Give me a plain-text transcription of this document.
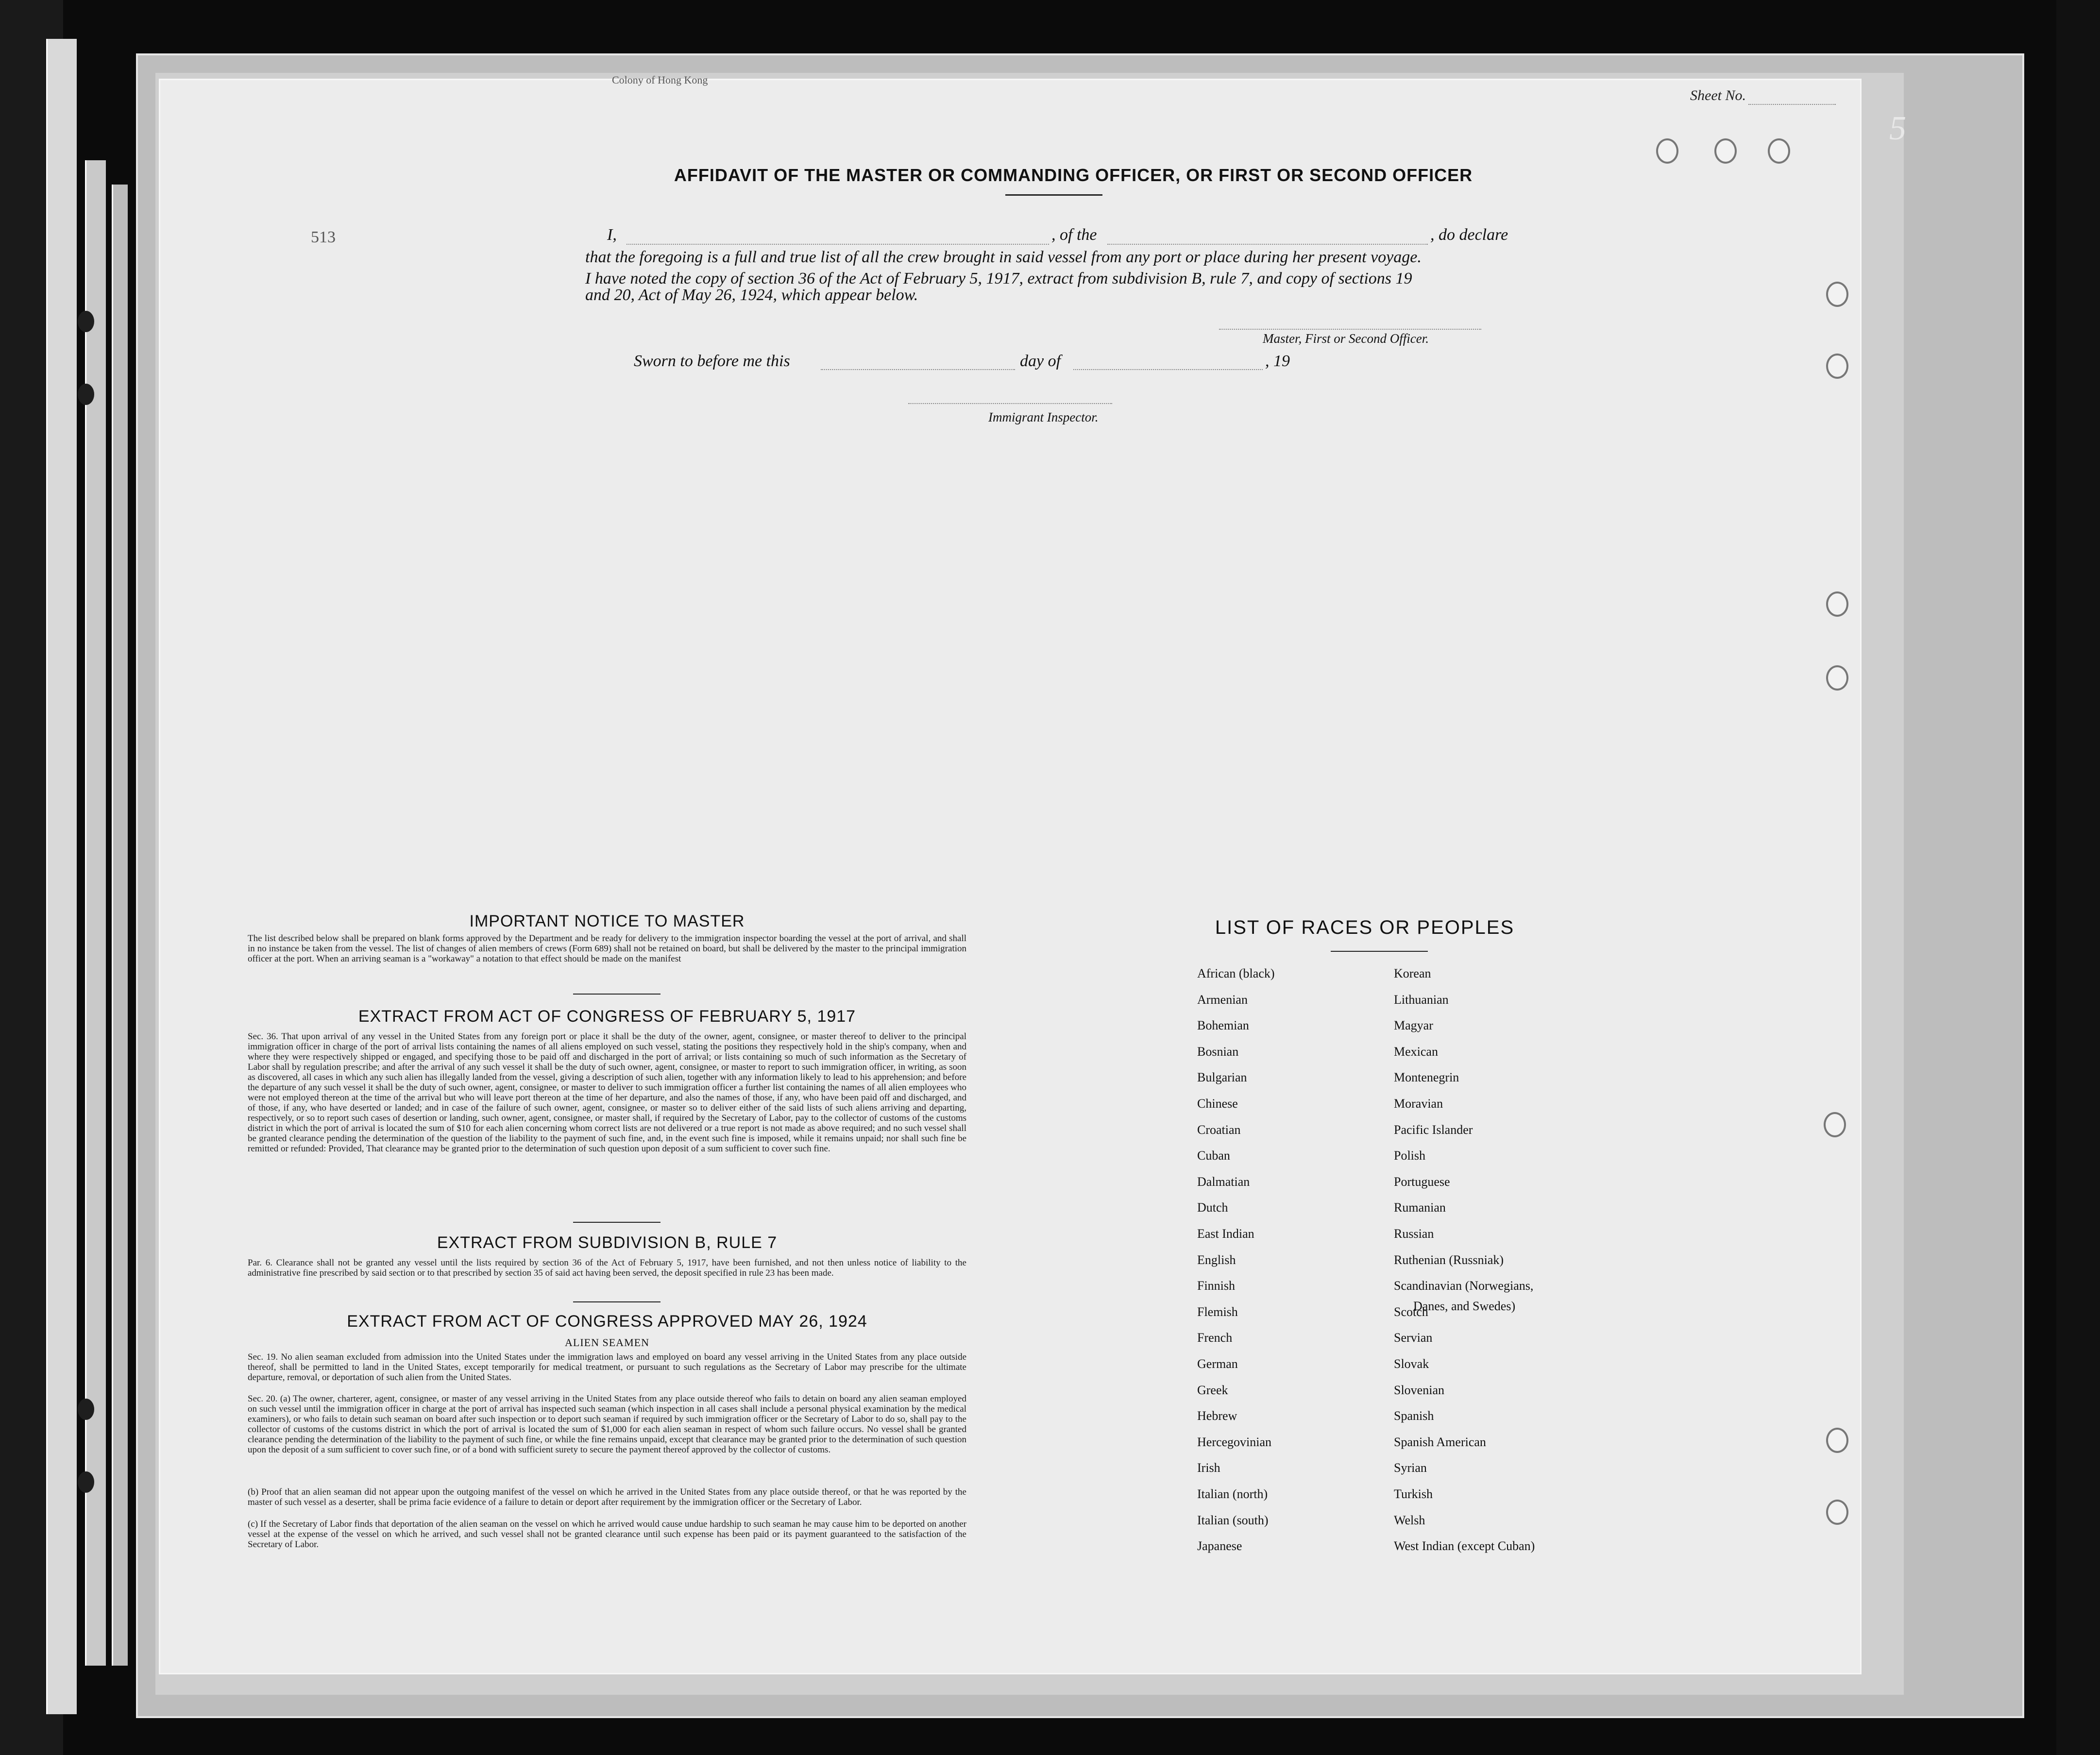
Colony of Hong Kong
Sheet No.
5
513
AFFIDAVIT OF THE MASTER OR COMMANDING OFFICER, OR FIRST OR SECOND OFFICER
I,	, of the	, do declare
that the foregoing is a full and true list of all the crew brought in said vessel from any port or place during her present voyage.
I have noted the copy of section 36 of the Act of February 5, 1917, extract from subdivision B, rule 7, and copy of sections 19
and 20, Act of May 26, 1924, which appear below.
Master, First or Second Officer.
Sworn to before me this	day of	, 19
Immigrant Inspector.
IMPORTANT NOTICE TO MASTER
The list described below shall be prepared on blank forms approved by the Department and be ready for delivery to the immigration inspector boarding the vessel at the port of arrival, and shall in no instance be taken from the vessel. The list of changes of alien members of crews (Form 689) shall not be retained on board, but shall be delivered by the master to the principal immigration officer at the port. When an arriving seaman is a "workaway" a notation to that effect should be made on the manifest
EXTRACT FROM ACT OF CONGRESS OF FEBRUARY 5, 1917
Sec. 36. That upon arrival of any vessel in the United States from any foreign port or place it shall be the duty of the owner, agent, consignee, or master thereof to deliver to the principal immigration officer in charge of the port of arrival lists containing the names of all aliens employed on such vessel, stating the positions they respectively hold in the ship's company, when and where they were respectively shipped or engaged, and specifying those to be paid off and discharged in the port of arrival; or lists containing so much of such information as the Secretary of Labor shall by regulation prescribe; and after the arrival of any such vessel it shall be the duty of such owner, agent, consignee, or master to report to such immigration officer, in writing, as soon as discovered, all cases in which any such alien has illegally landed from the vessel, giving a description of such alien, together with any information likely to lead to his apprehension; and before the departure of any such vessel it shall be the duty of such owner, agent, consignee, or master to deliver to such immigration officer a further list containing the names of all alien employees who were not employed thereon at the time of the arrival but who will leave port thereon at the time of her departure, and also the names of those, if any, who have been paid off and discharged, and of those, if any, who have deserted or landed; and in case of the failure of such owner, agent, consignee, or master so to deliver either of the said lists of such aliens arriving and departing, respectively, or so to report such cases of desertion or landing, such owner, agent, consignee, or master shall, if required by the Secretary of Labor, pay to the collector of customs of the customs district in which the port of arrival is located the sum of $10 for each alien concerning whom correct lists are not delivered or a true report is not made as above required; and no such vessel shall be granted clearance pending the determination of the question of the liability to the payment of such fine, and, in the event such fine is imposed, while it remains unpaid; nor shall such fine be remitted or refunded: Provided, That clearance may be granted prior to the determination of such question upon deposit of a sum sufficient to cover such fine.
EXTRACT FROM SUBDIVISION B, RULE 7
Par. 6. Clearance shall not be granted any vessel until the lists required by section 36 of the Act of February 5, 1917, have been furnished, and not then unless notice of liability to the administrative fine prescribed by said section or to that prescribed by section 35 of said act having been served, the deposit specified in rule 23 has been made.
EXTRACT FROM ACT OF CONGRESS APPROVED MAY 26, 1924
ALIEN SEAMEN
Sec. 19. No alien seaman excluded from admission into the United States under the immigration laws and employed on board any vessel arriving in the United States from any place outside thereof, shall be permitted to land in the United States, except temporarily for medical treatment, or pursuant to such regulations as the Secretary of Labor may prescribe for the ultimate departure, removal, or deportation of such alien from the United States.
Sec. 20. (a) The owner, charterer, agent, consignee, or master of any vessel arriving in the United States from any place outside thereof who fails to detain on board any alien seaman employed on such vessel until the immigration officer in charge at the port of arrival has inspected such seaman (which inspection in all cases shall include a personal physical examination by the medical examiners), or who fails to detain such seaman on board after such inspection or to deport such seaman if required by such immigration officer or the Secretary of Labor to do so, shall pay to the collector of customs of the customs district in which the port of arrival is located the sum of $1,000 for each alien seaman in respect of whom such failure occurs. No vessel shall be granted clearance pending the determination of the liability to the payment of such fine, or while the fine remains unpaid, except that clearance may be granted prior to the determination of such question upon the deposit of a sum sufficient to cover such fine, or of a bond with sufficient surety to secure the payment thereof approved by the collector of customs.
(b) Proof that an alien seaman did not appear upon the outgoing manifest of the vessel on which he arrived in the United States from any place outside thereof, or that he was reported by the master of such vessel as a deserter, shall be prima facie evidence of a failure to detain or deport after requirement by the immigration officer or the Secretary of Labor.
(c) If the Secretary of Labor finds that deportation of the alien seaman on the vessel on which he arrived would cause undue hardship to such seaman he may cause him to be deported on another vessel at the expense of the vessel on which he arrived, and such vessel shall not be granted clearance until such expense has been paid or its payment guaranteed to the satisfaction of the Secretary of Labor.
LIST OF RACES OR PEOPLES
African (black)
Armenian
Bohemian
Bosnian
Bulgarian
Chinese
Croatian
Cuban
Dalmatian
Dutch
East Indian
English
Finnish
Flemish
French
German
Greek
Hebrew
Hercegovinian
Irish
Italian (north)
Italian (south)
Japanese
Korean
Lithuanian
Magyar
Mexican
Montenegrin
Moravian
Pacific Islander
Polish
Portuguese
Rumanian
Russian
Ruthenian (Russniak)
Scandinavian (Norwegians,
Scotch
Servian
Slovak
Slovenian
Spanish
Spanish American
Syrian
Turkish
Welsh
West Indian (except Cuban)
Danes, and Swedes)
